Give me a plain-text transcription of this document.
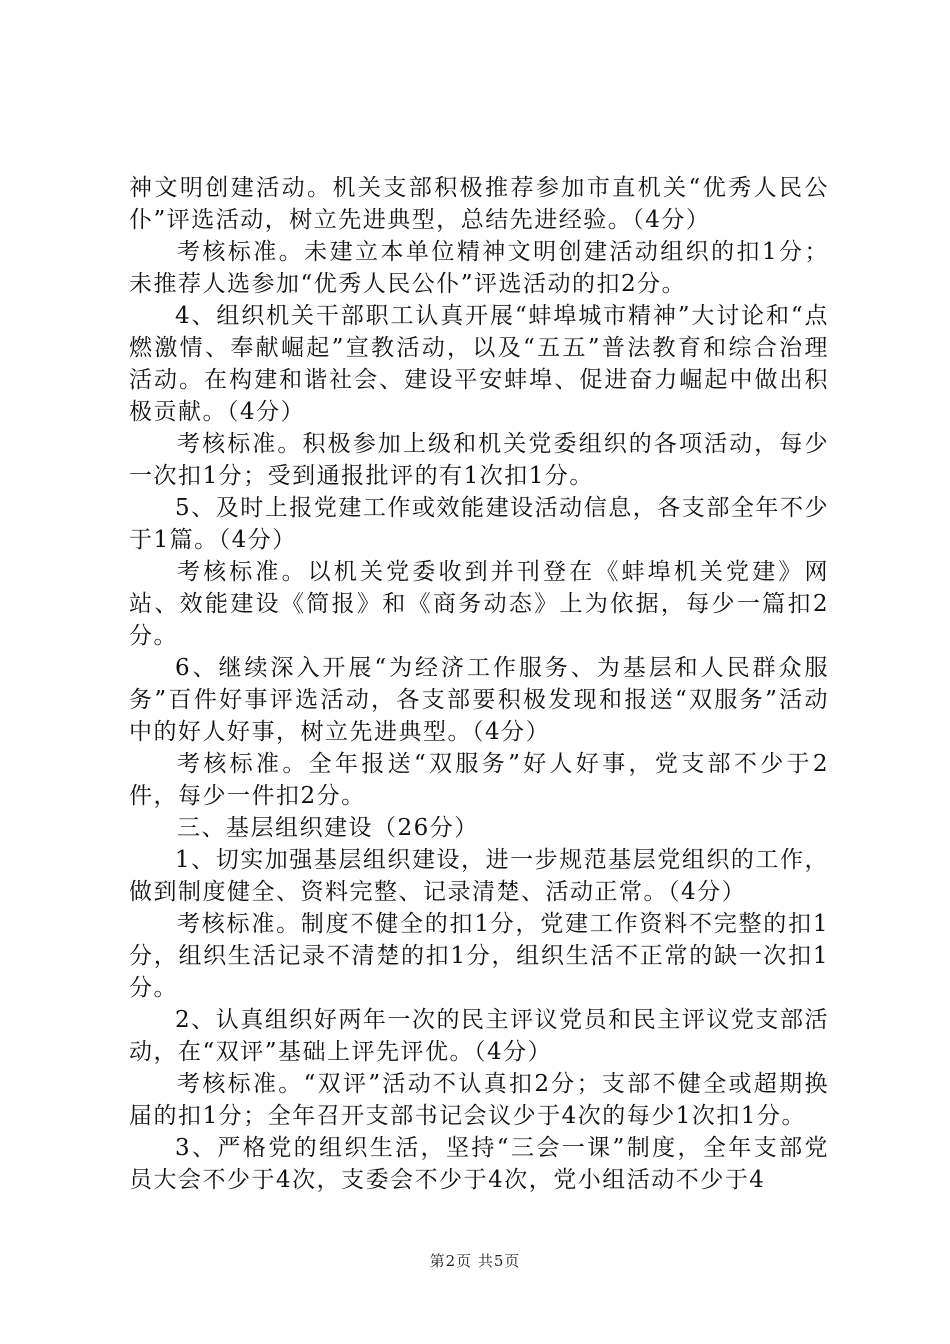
神文明创建活动。机关支部积极推荐参加市直机关“优秀人民公仆”评选活动，树立先进典型，总结先进经验。（4分）

考核标准。未建立本单位精神文明创建活动组织的扣1分；未推荐人选参加“优秀人民公仆”评选活动的扣2分。

4、组织机关干部职工认真开展“蚌埠城市精神”大讨论和“点燃激情、奉献崛起”宣教活动，以及“五五”普法教育和综合治理活动。在构建和谐社会、建设平安蚌埠、促进奋力崛起中做出积极贡献。（4分）

考核标准。积极参加上级和机关党委组织的各项活动，每少一次扣1分；受到通报批评的有1次扣1分。

5、及时上报党建工作或效能建设活动信息，各支部全年不少于1篇。（4分）

考核标准。以机关党委收到并刊登在《蚌埠机关党建》网站、效能建设《简报》和《商务动态》上为依据，每少一篇扣2分。

6、继续深入开展“为经济工作服务、为基层和人民群众服务”百件好事评选活动，各支部要积极发现和报送“双服务”活动中的好人好事，树立先进典型。（4分）

考核标准。全年报送“双服务”好人好事，党支部不少于2件，每少一件扣2分。

三、基层组织建设（26分）

1、切实加强基层组织建设，进一步规范基层党组织的工作，做到制度健全、资料完整、记录清楚、活动正常。（4分）

考核标准。制度不健全的扣1分，党建工作资料不完整的扣1分，组织生活记录不清楚的扣1分，组织生活不正常的缺一次扣1分。

2、认真组织好两年一次的民主评议党员和民主评议党支部活动，在“双评”基础上评先评优。（4分）

考核标准。“双评”活动不认真扣2分；支部不健全或超期换届的扣1分；全年召开支部书记会议少于4次的每少1次扣1分。

3、严格党的组织生活，坚持“三会一课”制度，全年支部党员大会不少于4次，支委会不少于4次，党小组活动不少于4

第2页 共5页
